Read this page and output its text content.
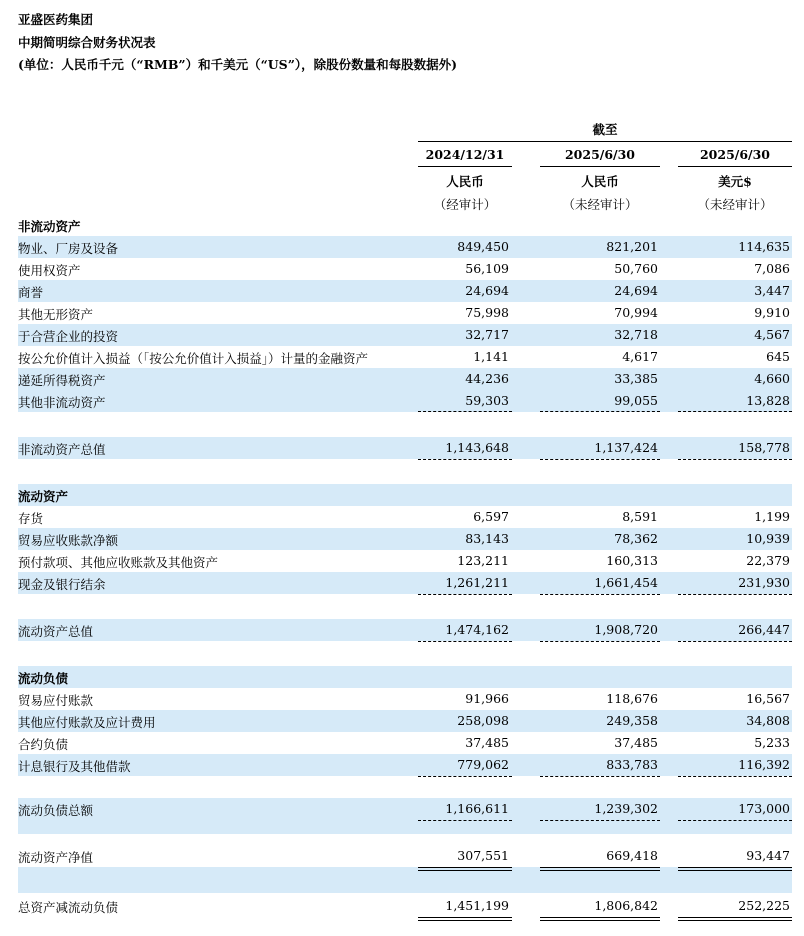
亚盛医药集团
中期简明综合财务状况表
(单位：人民币千元（“RMB”）和千美元（“US”），除股份数量和每股数据外)
截至
2024/12/31	2025/6/30	2025/6/30
人民币	人民币	美元$
（经审计）	（未经审计）	（未经审计）
非流动资产
物业、厂房及设备	849,450	821,201	114,635
使用权资产	56,109	50,760	7,086
商誉	24,694	24,694	3,447
其他无形资产	75,998	70,994	9,910
于合营企业的投资	32,717	32,718	4,567
按公允价值计入损益（「按公允价值计入损益」）计量的金融资产	1,141	4,617	645
递延所得税资产	44,236	33,385	4,660
其他非流动资产	59,303	99,055	13,828
非流动资产总值	1,143,648	1,137,424	158,778
流动资产
存货	6,597	8,591	1,199
贸易应收账款净额	83,143	78,362	10,939
预付款项、其他应收账款及其他资产	123,211	160,313	22,379
现金及银行结余	1,261,211	1,661,454	231,930
流动资产总值	1,474,162	1,908,720	266,447
流动负债
贸易应付账款	91,966	118,676	16,567
其他应付账款及应计费用	258,098	249,358	34,808
合约负债	37,485	37,485	5,233
计息银行及其他借款	779,062	833,783	116,392
流动负债总额	1,166,611	1,239,302	173,000
流动资产净值	307,551	669,418	93,447
总资产减流动负债	1,451,199	1,806,842	252,225
